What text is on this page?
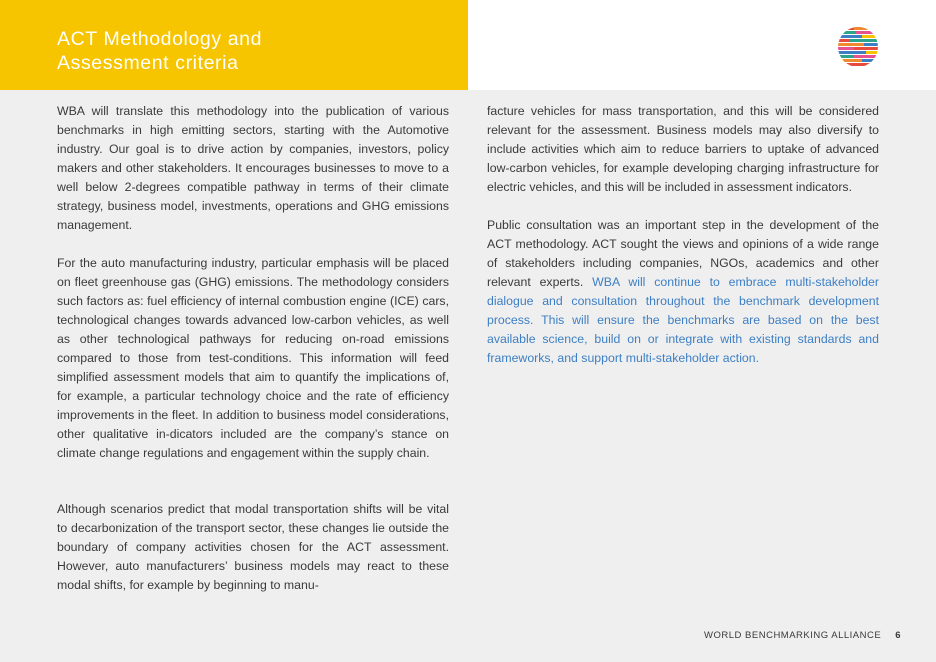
ACT Methodology and
Assessment criteria

WBA will translate this methodology into the publication of various benchmarks in high emitting sectors, starting with the Automotive industry. Our goal is to drive action by companies, investors, policy makers and other stakeholders. It encourages businesses to move to a well below 2-degrees compatible pathway in terms of their climate strategy, business model, investments, operations and GHG emissions management.

For the auto manufacturing industry, particular emphasis will be placed on fleet greenhouse gas (GHG) emissions. The methodology considers such factors as: fuel efficiency of internal combustion engine (ICE) cars, technological changes towards advanced low-carbon vehicles, as well as other technological pathways for reducing on-road emissions compared to those from test-conditions. This information will feed simplified assessment models that aim to quantify the implications of, for example, a particular technology choice and the rate of efficiency improvements in the fleet. In addition to business model considerations, other qualitative in-dicators included are the company’s stance on climate change regulations and engagement within the supply chain.

Although scenarios predict that modal transportation shifts will be vital to decarbonization of the transport sector, these changes lie outside the boundary of company activities chosen for the ACT assessment. However, auto manufacturers’ business models may react to these modal shifts, for example by beginning to manu-

facture vehicles for mass transportation, and this will be considered relevant for the assessment. Business models may also diversify to include activities which aim to reduce barriers to uptake of advanced low-carbon vehicles, for example developing charging infrastructure for electric vehicles, and this will be included in assessment indicators.

Public consultation was an important step in the development of the ACT methodology. ACT sought the views and opinions of a wide range of stakeholders including companies, NGOs, academics and other relevant experts. WBA will continue to embrace multi-stakeholder dialogue and consultation throughout the benchmark development process. This will ensure the benchmarks are based on the best available science, build on or integrate with existing standards and frameworks, and support multi-stakeholder action.

WORLD BENCHMARKING ALLIANCE 6
